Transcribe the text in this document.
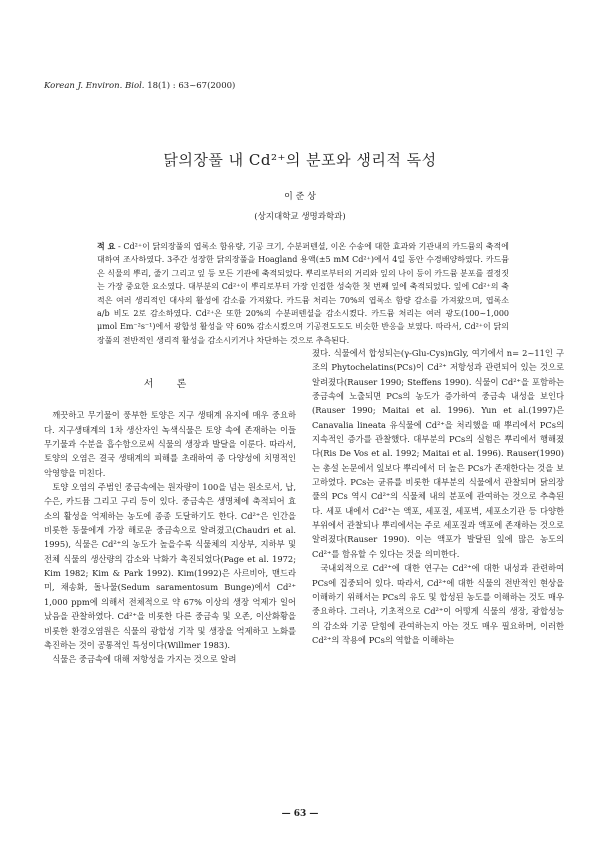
Korean J. Environ. Biol. 18(1) : 63~67(2000)
닭의장풀 내 Cd²⁺의 분포와 생리적 독성
이 준 상
(상지대학교 생명과학과)
적 요 - Cd²⁺이 닭의장풀의 엽록소 함유량, 기공 크기, 수분퍼텐셜, 이온 수송에 대한 효과와 기관내의 카드뮴의 축적에 대하여 조사하였다. 3주간 성장한 닭의장풀을 Hoagland 용액(±5 mM Cd²⁺)에서 4일 동안 수경배양하였다. 카드뮴은 식물의 뿌리, 줄기 그리고 잎 등 모든 기관에 축적되었다. 뿌리로부터의 거리와 잎의 나이 등이 카드뮴 분포를 결정짓는 가장 중요한 요소였다. 대부분의 Cd²⁺이 뿌리로부터 가장 인접한 성숙한 첫 번째 잎에 축적되었다. 잎에 Cd²⁺의 축적은 여러 생리적인 대사의 활성에 감소를 가져왔다. 카드뮴 처리는 70%의 엽록소 함량 감소를 가져왔으며, 엽록소 a/b 비도 2로 감소하였다. Cd²⁺은 또한 20%의 수분퍼텐셜을 감소시켰다. 카드뮴 처리는 여러 광도(100~1,000 μmol Em⁻²s⁻¹)에서 광합성 활성을 약 60% 감소시켰으며 기공전도도도 비슷한 반응을 보였다. 따라서, Cd²⁺이 닭의장풀의 전반적인 생리적 활성을 감소시키거나 차단하는 것으로 추측된다.
서 론

깨끗하고 무기물이 풍부한 토양은 지구 생태계 유지에 매우 중요하다. 지구생태계의 1차 생산자인 녹색식물은 토양 속에 존재하는 이들 무기물과 수분을 흡수함으로써 식물의 생장과 발달을 이룬다. 따라서, 토양의 오염은 결국 생태계의 피해를 초래하여 종 다양성에 치명적인 악영향을 미친다.

토양 오염의 주범인 중금속에는 원자량이 100을 넘는 원소로서, 납, 수은, 카드뮴 그리고 구리 등이 있다. 중금속은 생명체에 축적되어 효소의 활성을 억제하는 농도에 종종 도달하기도 한다. Cd²⁺은 인간을 비롯한 동물에게 가장 해로운 중금속으로 알려졌고(Chaudri et al. 1995), 식물은 Cd²⁺의 농도가 높을수록 식물체의 지상부, 지하부 및 전체 식물의 생산량의 감소와 낙화가 촉진되었다(Page et al. 1972; Kim 1982; Kim & Park 1992). Kim(1992)은 사르비아, 맨드라미, 채송화, 돌나물(Sedum saramentosum Bunge)에서 Cd²⁺ 1,000 ppm에 의해서 전체적으로 약 67% 이상의 생장 억제가 일어났음을 관찰하였다. Cd²⁺을 비롯한 다른 중금속 및 오존, 이산화황을 비롯한 환경오염원은 식물의 광합성 기작 및 생장을 억제하고 노화를 촉진하는 것이 공통적인 특성이다(Willmer 1983).

식물은 중금속에 대해 저항성을 가지는 것으로 알려

졌다. 식물에서 합성되는(γ-Glu-Cys)nGly, 여기에서 n= 2~11인 구조의 Phytochelatins(PCs)이 Cd²⁺ 저항성과 관련되어 있는 것으로 알려졌다(Rauser 1990; Steffens 1990). 식물이 Cd²⁺을 포함하는 중금속에 노출되면 PCs의 농도가 증가하여 중금속 내성을 보인다(Rauser 1990; Maitai et al. 1996). Yun et al.(1997)은 Canavalia lineata 유식물에 Cd²⁺을 처리했을 때 뿌리에서 PCs의 지속적인 증가를 관찰했다. 대부분의 PCs의 실험은 뿌리에서 행해졌다(Ris De Vos et al. 1992; Maitai et al. 1996). Rauser(1990)는 총설 논문에서 잎보다 뿌리에서 더 높은 PCs가 존재한다는 것을 보고하였다. PCs는 균류를 비롯한 대부분의 식물에서 관찰되며 닭의장풀의 PCs 역시 Cd²⁺의 식물체 내의 분포에 관여하는 것으로 추측된다. 세포 내에서 Cd²⁺는 액포, 세포질, 세포벽, 세포소기관 등 다양한 부위에서 관찰되나 뿌리에서는 주로 세포질과 액포에 존재하는 것으로 알려졌다(Rauser 1990). 이는 액포가 발달된 잎에 많은 농도의 Cd²⁺를 함유할 수 있다는 것을 의미한다.

국내외적으로 Cd²⁺에 대한 연구는 Cd²⁺에 대한 내성과 관련하여 PCs에 집중되어 있다. 따라서, Cd²⁺에 대한 식물의 전반적인 현상을 이해하기 위해서는 PCs의 유도 및 합성된 농도를 이해하는 것도 매우 중요하다. 그러나, 기초적으로 Cd²⁺이 어떻게 식물의 생장, 광합성능의 감소와 기공 닫힘에 관여하는지 아는 것도 매우 필요하며, 이러한 Cd²⁺의 작용에 PCs의 역할을 이해하는

— 63 —
